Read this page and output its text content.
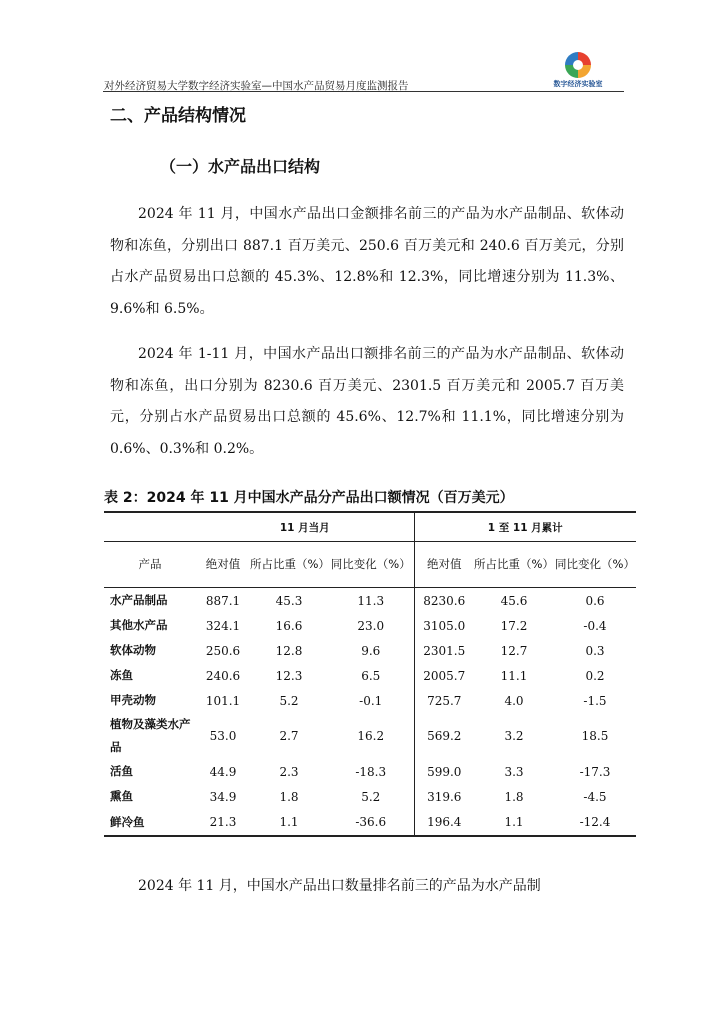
对外经济贸易大学数字经济实验室—中国水产品贸易月度监测报告	数字经济实验室
二、产品结构情况
（一）水产品出口结构
2024 年 11 月，中国水产品出口金额排名前三的产品为水产品制品、软体动物和冻鱼，分别出口 887.1 百万美元、250.6 百万美元和 240.6 百万美元，分别占水产品贸易出口总额的 45.3%、12.8%和 12.3%，同比增速分别为 11.3%、9.6%和 6.5%。
2024 年 1-11 月，中国水产品出口额排名前三的产品为水产品制品、软体动物和冻鱼，出口分别为 8230.6 百万美元、2301.5 百万美元和 2005.7 百万美元，分别占水产品贸易出口总额的 45.6%、12.7%和 11.1%，同比增速分别为 0.6%、0.3%和 0.2%。
表 2：2024 年 11 月中国水产品分产品出口额情况（百万美元）
	11 月当月			1 至 11 月累计		
产品	绝对值	所占比重（%）	同比变化（%）	绝对值	所占比重（%）	同比变化（%）
水产品制品	887.1	45.3	11.3	8230.6	45.6	0.6
其他水产品	324.1	16.6	23.0	3105.0	17.2	-0.4
软体动物	250.6	12.8	9.6	2301.5	12.7	0.3
冻鱼	240.6	12.3	6.5	2005.7	11.1	0.2
甲壳动物	101.1	5.2	-0.1	725.7	4.0	-1.5
植物及藻类水产品	53.0	2.7	16.2	569.2	3.2	18.5
活鱼	44.9	2.3	-18.3	599.0	3.3	-17.3
熏鱼	34.9	1.8	5.2	319.6	1.8	-4.5
鲜冷鱼	21.3	1.1	-36.6	196.4	1.1	-12.4
2024 年 11 月，中国水产品出口数量排名前三的产品为水产品制
